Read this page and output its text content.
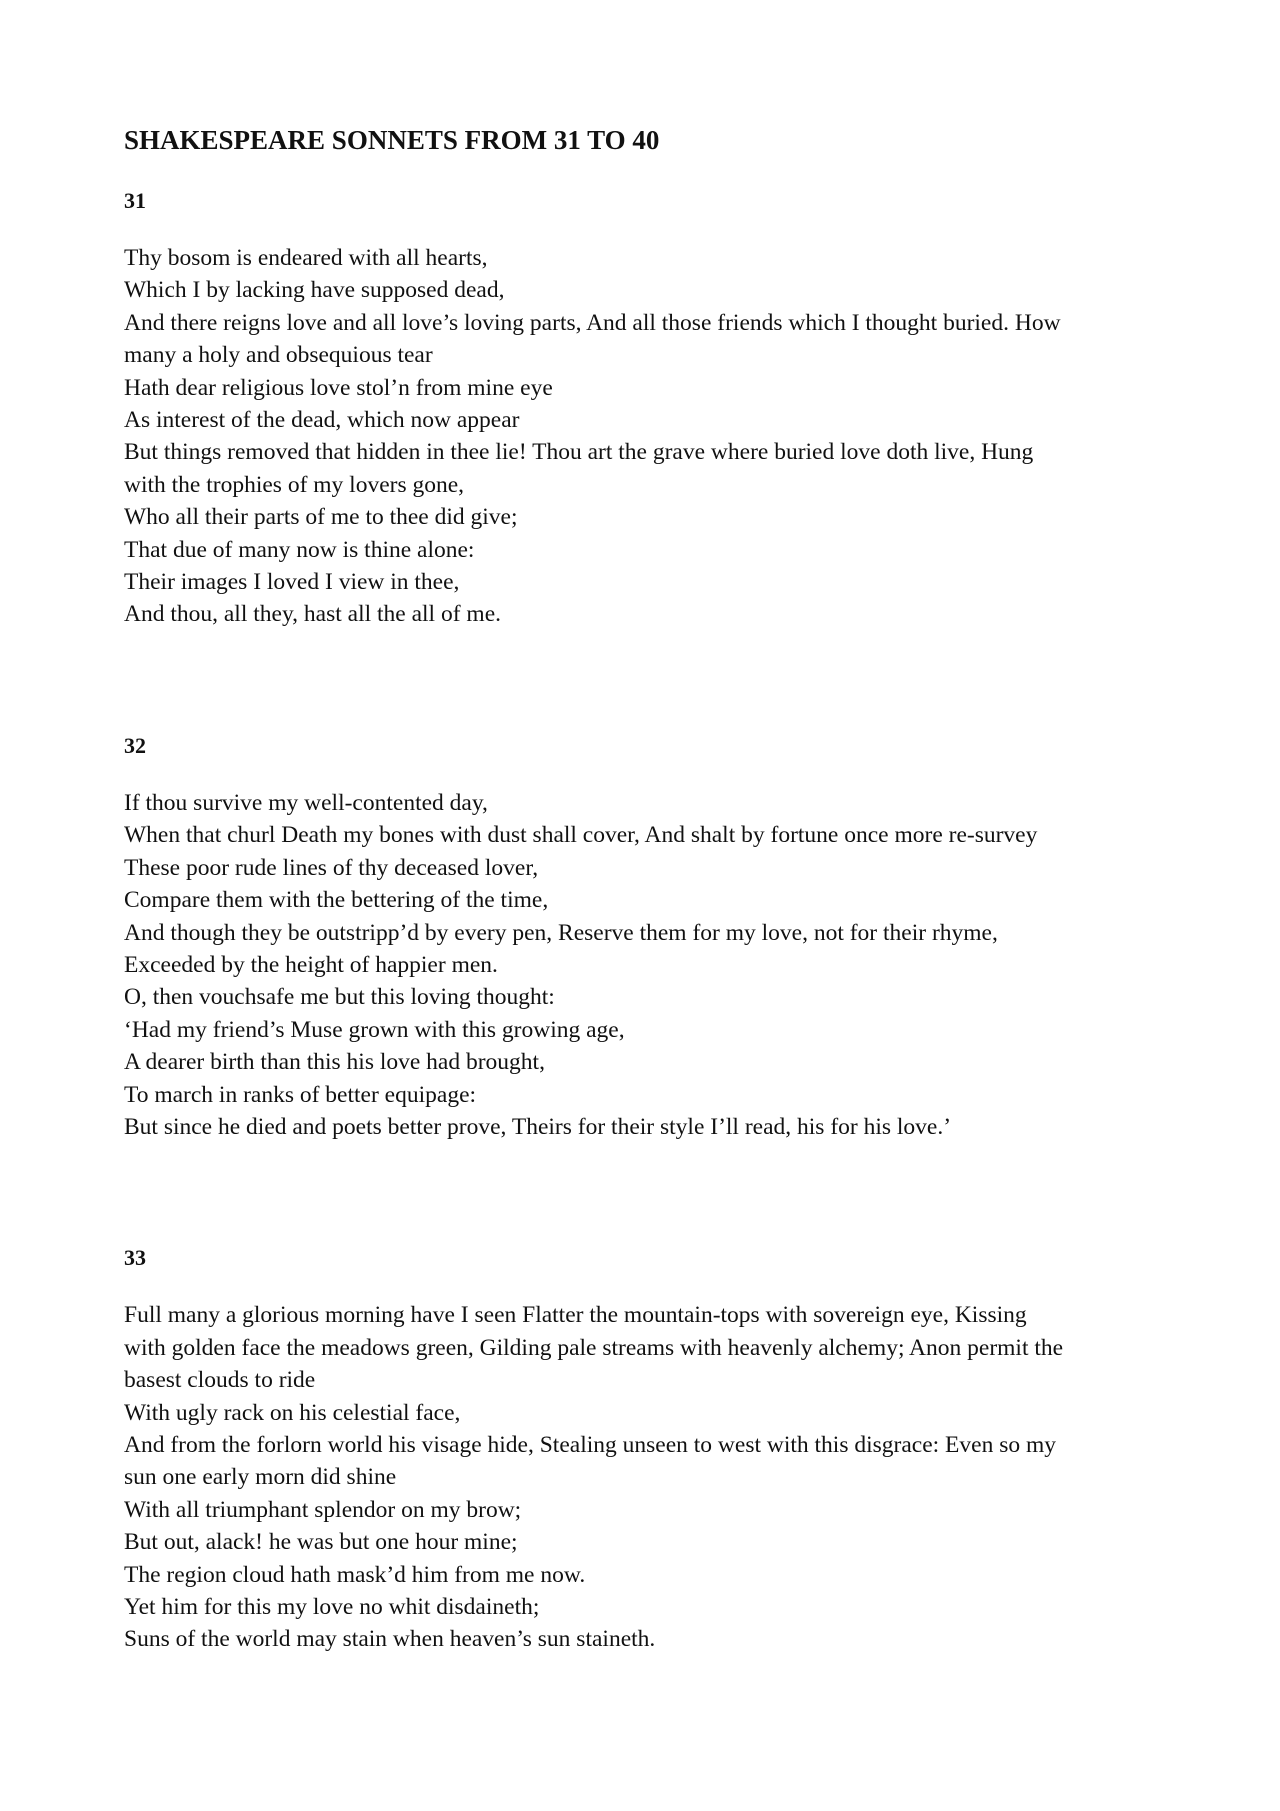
SHAKESPEARE SONNETS FROM 31 TO 40
31
Thy bosom is endeared with all hearts,
Which I by lacking have supposed dead,
And there reigns love and all love’s loving parts, And all those friends which I thought buried. How
many a holy and obsequious tear
Hath dear religious love stol’n from mine eye
As interest of the dead, which now appear
But things removed that hidden in thee lie! Thou art the grave where buried love doth live, Hung
with the trophies of my lovers gone,
Who all their parts of me to thee did give;
That due of many now is thine alone:
Their images I loved I view in thee,
And thou, all they, hast all the all of me.
32
If thou survive my well-contented day,
When that churl Death my bones with dust shall cover, And shalt by fortune once more re-survey
These poor rude lines of thy deceased lover,
Compare them with the bettering of the time,
And though they be outstripp’d by every pen, Reserve them for my love, not for their rhyme,
Exceeded by the height of happier men.
O, then vouchsafe me but this loving thought:
‘Had my friend’s Muse grown with this growing age,
A dearer birth than this his love had brought,
To march in ranks of better equipage:
But since he died and poets better prove, Theirs for their style I’ll read, his for his love.’
33
Full many a glorious morning have I seen Flatter the mountain-tops with sovereign eye, Kissing
with golden face the meadows green, Gilding pale streams with heavenly alchemy; Anon permit the
basest clouds to ride
With ugly rack on his celestial face,
And from the forlorn world his visage hide, Stealing unseen to west with this disgrace: Even so my
sun one early morn did shine
With all triumphant splendor on my brow;
But out, alack! he was but one hour mine;
The region cloud hath mask’d him from me now.
Yet him for this my love no whit disdaineth;
Suns of the world may stain when heaven’s sun staineth.
